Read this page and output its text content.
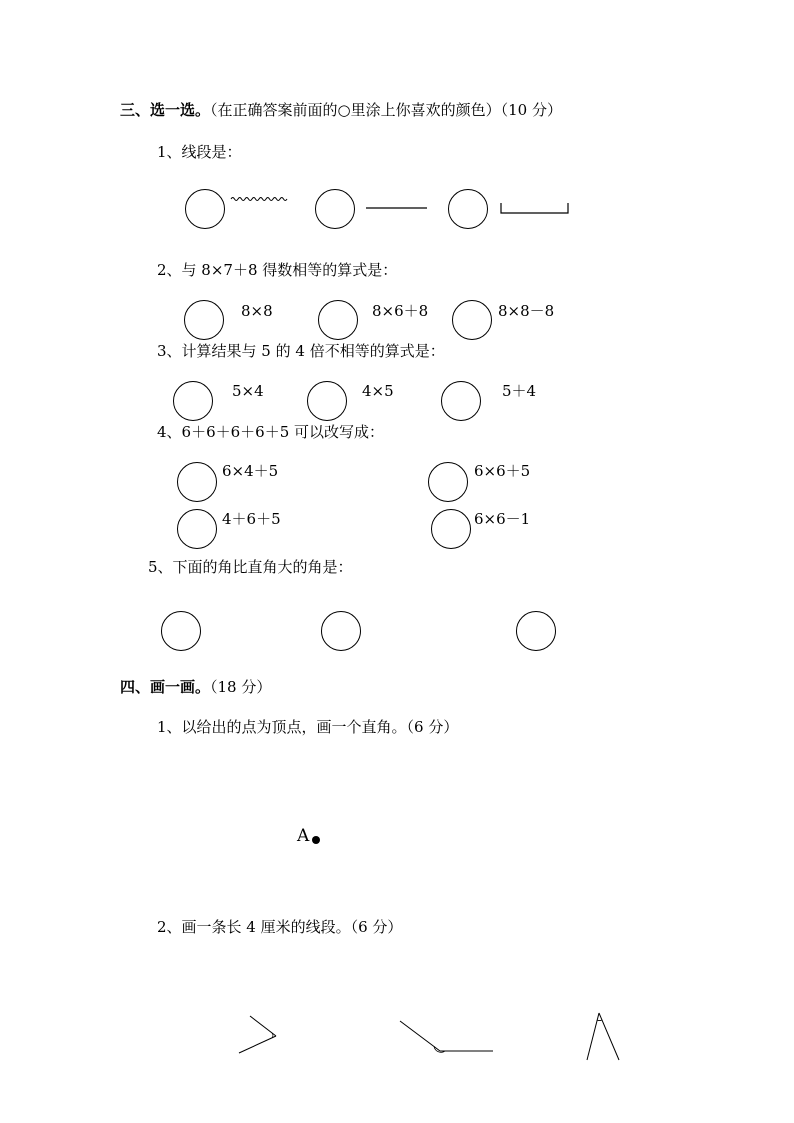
三、选一选。（在正确答案前面的○里涂上你喜欢的颜色）（10 分）
1、线段是：
2、与 8×7＋8 得数相等的算式是：
8×8	8×6＋8	8×8－8
3、计算结果与 5 的 4 倍不相等的算式是：
5×4	4×5	5＋4
4、6＋6＋6＋6＋5 可以改写成：
6×4＋5	6×6＋5
4＋6＋5	6×6－1
5、下面的角比直角大的角是：
四、画一画。（18 分）
1、以给出的点为顶点，画一个直角。（6 分）
A
2、画一条长 4 厘米的线段。（6 分）
